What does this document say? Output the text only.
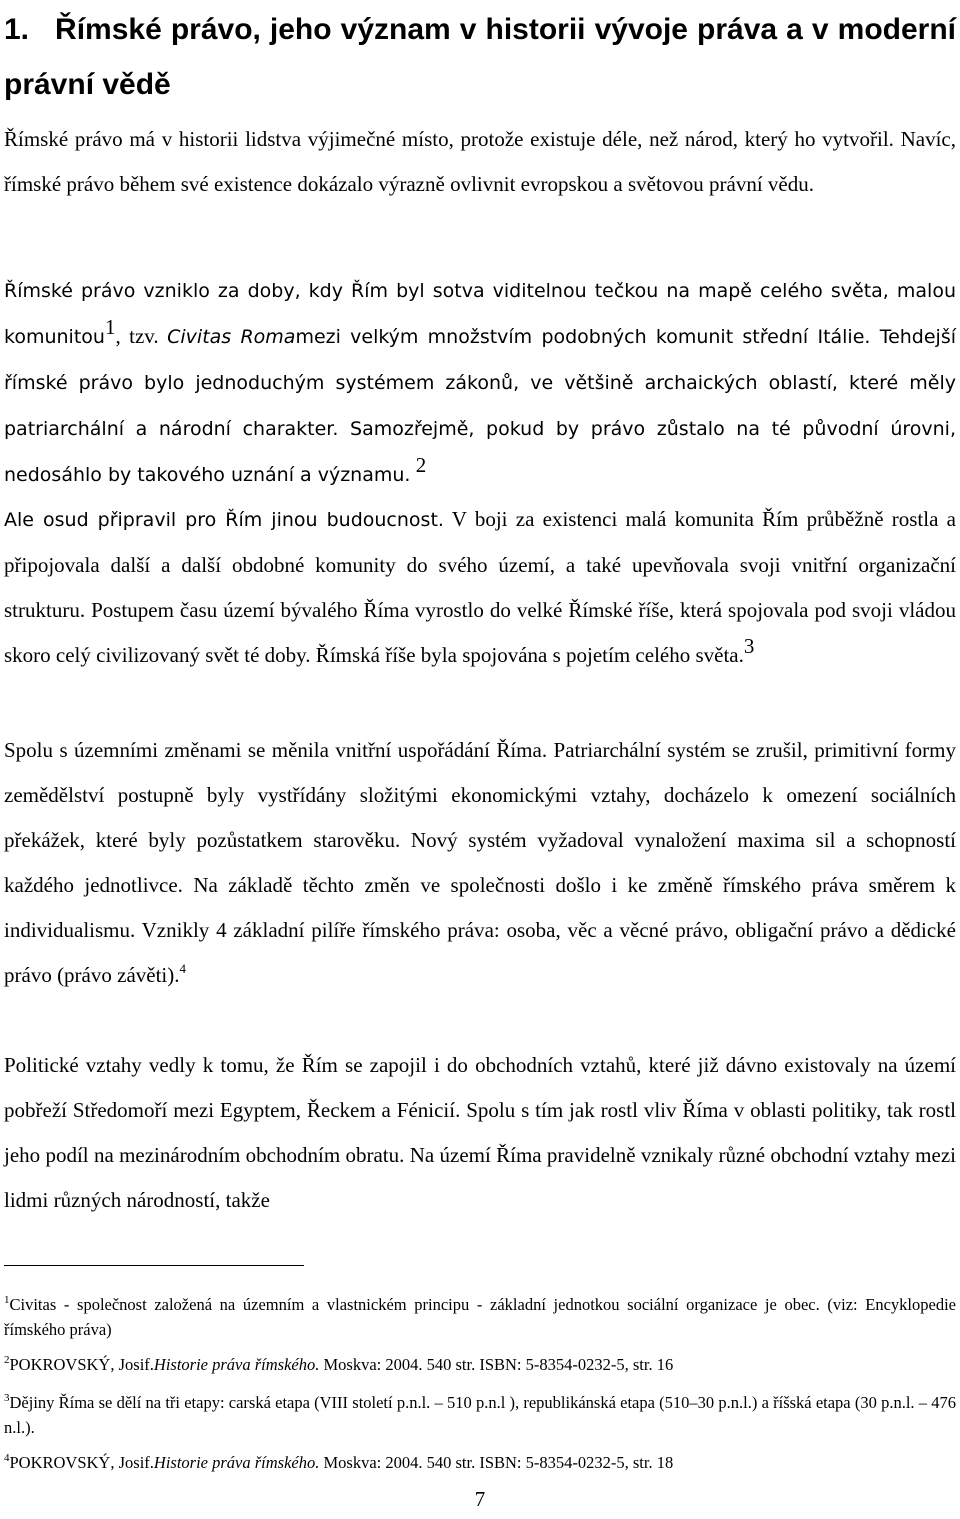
1. Římské právo, jeho význam v historii vývoje práva a v moderní právní vědě

Římské právo má v historii lidstva výjimečné místo, protože existuje déle, než národ, který ho vytvořil. Navíc, římské právo během své existence dokázalo výrazně ovlivnit evropskou a světovou právní vědu.

Římské právo vzniklo za doby, kdy Řím byl sotva viditelnou tečkou na mapě celého světa, malou komunitou$^1$, tzv. Civitas Romamezi velkým množstvím podobných komunit střední Itálie. Tehdejší římské právo bylo jednoduchým systémem zákonů, ve většině archaických oblastí, které měly patriarchální a národní charakter. Samozřejmě, pokud by právo zůstalo na té původní úrovni, nedosáhlo by takového uznání a významu. $^2$

Ale osud připravil pro Řím jinou budoucnost. V boji za existenci malá komunita Řím průběžně rostla a připojovala další a další obdobné komunity do svého území, a také upevňovala svoji vnitřní organizační strukturu. Postupem času území bývalého Říma vyrostlo do velké Římské říše, která spojovala pod svoji vládou skoro celý civilizovaný svět té doby. Římská říše byla spojována s pojetím celého světa.$^3$

Spolu s územními změnami se měnila vnitřní uspořádání Říma. Patriarchální systém se zrušil, primitivní formy zemědělství postupně byly vystřídány složitými ekonomickými vztahy, docházelo k omezení sociálních překážek, které byly pozůstatkem starověku. Nový systém vyžadoval vynaložení maxima sil a schopností každého jednotlivce. Na základě těchto změn ve společnosti došlo i ke změně římského práva směrem k individualismu. Vznikly 4 základní pilíře římského práva: osoba, věc a věcné právo, obligační právo a dědické právo (právo závěti).$^4$

Politické vztahy vedly k tomu, že Řím se zapojil i do obchodních vztahů, které již dávno existovaly na území pobřeží Středomoří mezi Egyptem, Řeckem a Fénicií. Spolu s tím jak rostl vliv Říma v oblasti politiky, tak rostl jeho podíl na mezinárodním obchodním obratu. Na území Říma pravidelně vznikaly různé obchodní vztahy mezi lidmi různých národností, takže

$^1$Civitas - společnost založená na územním a vlastnickém principu - základní jednotkou sociální organizace je obec. (viz: Encyklopedie římského práva)

$^2$POKROVSKÝ, Josif.Historie práva římského. Moskva: 2004. 540 str. ISBN: 5-8354-0232-5, str. 16

$^3$Dějiny Říma se dělí na tři etapy: carská etapa (VIII století p.n.l. – 510 p.n.l ), republikánská etapa (510–30 p.n.l.) a říšská etapa (30 p.n.l. – 476 n.l.).

$^4$POKROVSKÝ, Josif.Historie práva římského. Moskva: 2004. 540 str. ISBN: 5-8354-0232-5, str. 18

7
